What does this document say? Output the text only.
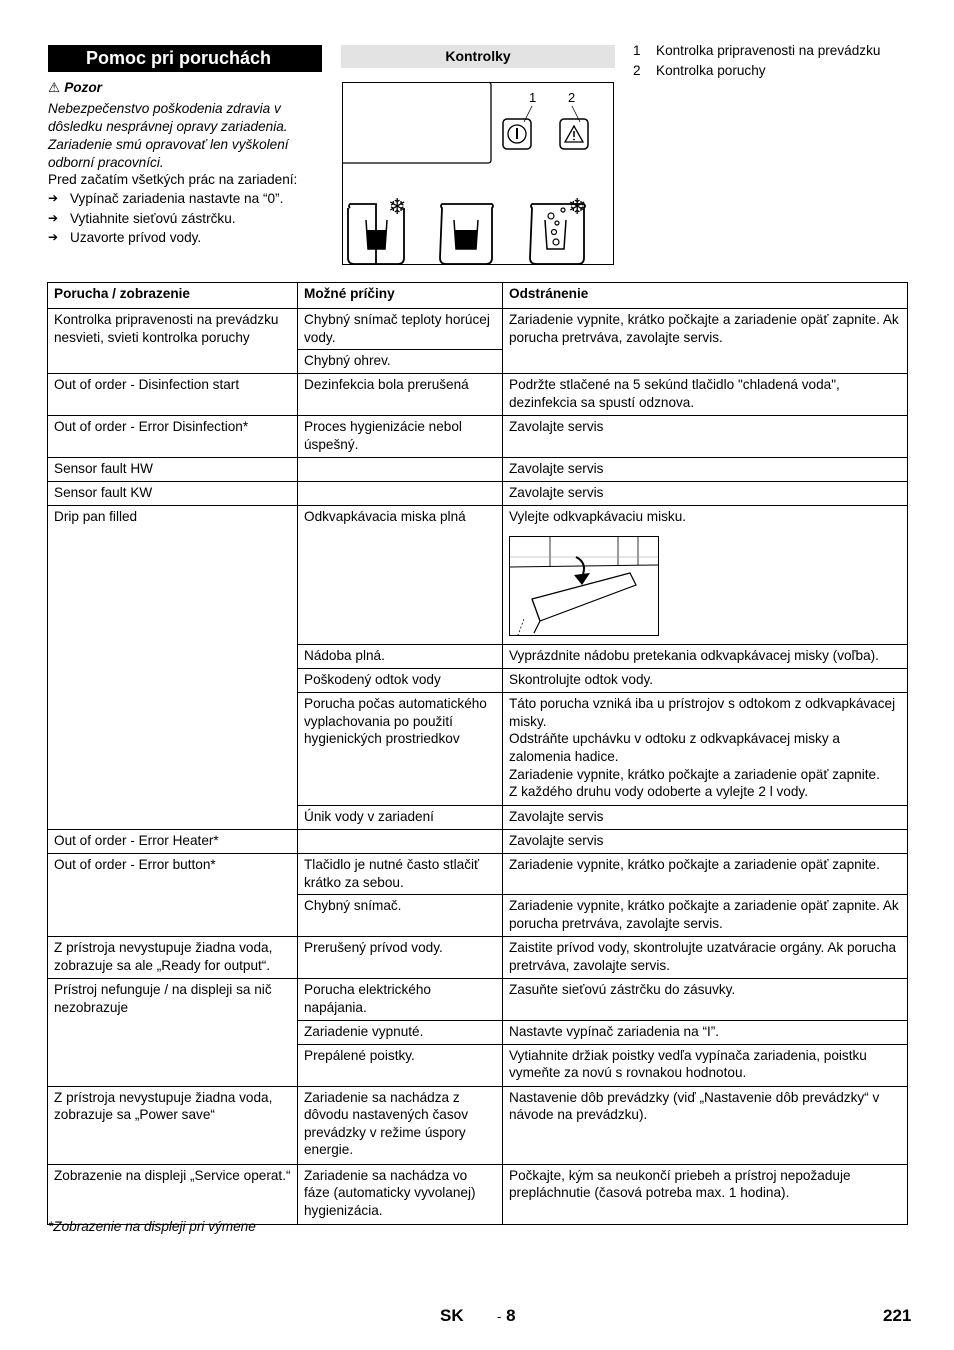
Pomoc pri poruchách
⚠ Pozor
Nebezpečenstvo poškodenia zdravia v dôsledku nesprávnej opravy zariadenia. Zariadenie smú opravovať len vyškolení odborní pracovníci.
Pred začatím všetkých prác na zariadení:
➔ Vypínač zariadenia nastavte na “0”.
➔ Vytiahnite sieťovú zástrčku.
➔ Uzavorte prívod vody.
Kontrolky
1 2
❄	❄
1	Kontrolka pripravenosti na prevádzku
2	Kontrolka poruchy
Porucha / zobrazenie	Možné príčiny	Odstránenie
Kontrolka pripravenosti na prevádzku nesvieti, svieti kontrolka poruchy	Chybný snímač teploty horúcej vody.	Zariadenie vypnite, krátko počkajte a zariadenie opäť zapnite. Ak porucha pretrváva, zavolajte servis.
	Chybný ohrev.	
Out of order - Disinfection start	Dezinfekcia bola prerušená	Podržte stlačené na 5 sekúnd tlačidlo "chladená voda", dezinfekcia sa spustí odznova.
Out of order - Error Disinfection*	Proces hygienizácie nebol úspešný.	Zavolajte servis
Sensor fault HW		Zavolajte servis
Sensor fault KW		Zavolajte servis
Drip pan filled	Odkvapkávacia miska plná	Vylejte odkvapkávaciu misku.

	Nádoba plná.	Vyprázdnite nádobu pretekania odkvapkávacej misky (voľba).
	Poškodený odtok vody	Skontrolujte odtok vody.
	Porucha počas automatického vyplachovania po použití hygienických prostriedkov	Táto porucha vzniká iba u prístrojov s odtokom z odkvapkávacej misky.
Odstráňte upchávku v odtoku z odkvapkávacej misky a zalomenia hadice.
Zariadenie vypnite, krátko počkajte a zariadenie opäť zapnite.
Z každého druhu vody odoberte a vylejte 2 l vody.

	Únik vody v zariadení	Zavolajte servis
Out of order - Error Heater*		Zavolajte servis
Out of order - Error button*	Tlačidlo je nutné často stlačiť krátko za sebou.	Zariadenie vypnite, krátko počkajte a zariadenie opäť zapnite.
	Chybný snímač.	Zariadenie vypnite, krátko počkajte a zariadenie opäť zapnite. Ak porucha pretrváva, zavolajte servis.
Z prístroja nevystupuje žiadna voda, zobrazuje sa ale „Ready for output“.	Prerušený prívod vody.	Zaistite prívod vody, skontrolujte uzatváracie orgány. Ak porucha pretrváva, zavolajte servis.
Prístroj nefunguje / na displeji sa nič nezobrazuje	Porucha elektrického napájania.	Zasuňte sieťovú zástrčku do zásuvky.
	Zariadenie vypnuté.	Nastavte vypínač zariadenia na “I”.
	Prepálené poistky.	Vytiahnite držiak poistky vedľa vypínača zariadenia, poistku vymeňte za novú s rovnakou hodnotou.
Z prístroja nevystupuje žiadna voda, zobrazuje sa „Power save“	Zariadenie sa nachádza z dôvodu nastavených časov prevádzky v režime úspory energie.	Nastavenie dôb prevádzky (viď „Nastavenie dôb prevádzky“ v návode na prevádzku).
Zobrazenie na displeji „Service operat.“	Zariadenie sa nachádza vo fáze (automaticky vyvolanej) hygienizácia.	Počkajte, kým sa neukončí priebeh a prístroj nepožaduje prepláchnutie (časová potreba max. 1 hodina).
*Zobrazenie na displeji pri výmene
SK	- 8	221
